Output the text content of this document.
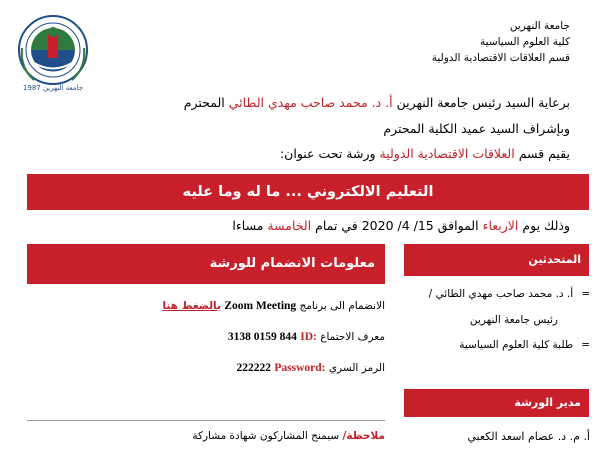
جامعة النهرين
كلية العلوم السياسية
قسم العلاقات الاقتصادية الدولية
جامعة النهرين 1987
برعاية السيد رئيس جامعة النهرين أ. د. محمد صاحب مهدي الطائي المحترم
وبإشراف السيد عميد الكلية المحترم
يقيم قسم العلاقات الاقتصادية الدولية ورشة تحت عنوان:
التعليم الالكتروني ... ما له وما عليه
وذلك يوم الاربعاء الموافق 15/ 4/ 2020 في تمام الخامسة مساءا
معلومات الانضمام للورشة
الانضمام الى برنامج Zoom Meeting بالضغط هنا
معرف الاجتماع ID: 3138 0159 844
الرمز السري Password: 222222
ملاحظة/ سيمنح المشاركون شهادة مشاركة
المتحدثين
=أ. د. محمد صاحب مهدي الطائي /
رئيس جامعة النهرين
=طلبة كلية العلوم السياسية
مدير الورشة
أ. م. د. عصام اسعد الكعبي
